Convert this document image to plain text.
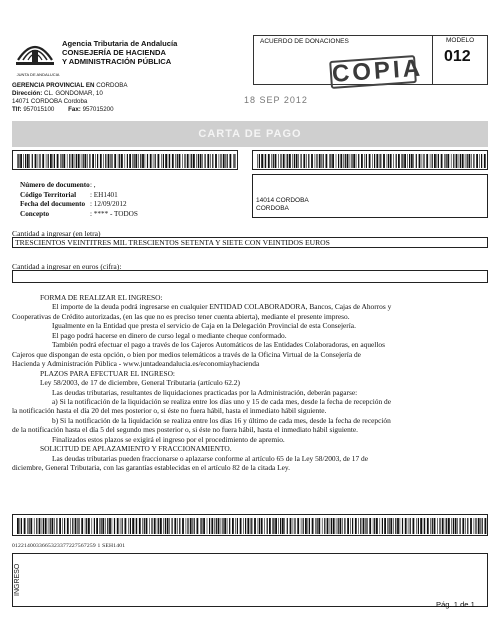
JUNTA DE ANDALUCIA
Agencia Tributaria de Andalucía
CONSEJERÍA DE HACIENDA
Y ADMINISTRACIÓN PÚBLICA
GERENCIA PROVINCIAL EN CORDOBA
Dirección: CL. GONDOMAR, 10
14071 CORDOBA Cordoba
Tlf: 957015100 Fax: 957015200
ACUERDO DE DONACIONES	MODELO
012
COPIA
18 SEP 2012
CARTA DE PAGO
Número de documento: ,
Código Territorial : EH1401
Fecha del documento : 12/09/2012
Concepto	: **** - TODOS
14014 CORDOBA
CORDOBA
Cantidad a ingresar (en letra)
TRESCIENTOS VEINTITRES MIL TRESCIENTOS SETENTA Y SIETE CON VEINTIDOS EUROS
Cantidad a ingresar en euros (cifra):

FORMA DE REALIZAR EL INGRESO:

El importe de la deuda podrá ingresarse en cualquier ENTIDAD COLABORADORA, Bancos, Cajas de Ahorros y

Cooperativas de Crédito autorizadas, (en las que no es preciso tener cuenta abierta), mediante el presente impreso.

Igualmente en la Entidad que presta el servicio de Caja en la Delegación Provincial de esta Consejería.

El pago podrá hacerse en dinero de curso legal o mediante cheque conformado.

También podrá efectuar el pago a través de los Cajeros Automáticos de las Entidades Colaboradoras, en aquellos

Cajeros que dispongan de esta opción, o bien por medios telemáticos a través de la Oficina Virtual de la Consejería de

Hacienda y Administración Pública - www.juntadeandalucia.es/economiayhacienda

PLAZOS PARA EFECTUAR EL INGRESO:

Ley 58/2003, de 17 de diciembre, General Tributaria (artículo 62.2)

Las deudas tributarias, resultantes de liquidaciones practicadas por la Administración, deberán pagarse:

a) Si la notificación de la liquidación se realiza entre los días uno y 15 de cada mes, desde la fecha de recepción de

la notificación hasta el día 20 del mes posterior o, si éste no fuera hábil, hasta el inmediato hábil siguiente.

b) Si la notificación de la liquidación se realiza entre los días 16 y último de cada mes, desde la fecha de recepción

de la notificación hasta el día 5 del segundo mes posterior o, si éste no fuera hábil, hasta el inmediato hábil siguiente.

Finalizados estos plazos se exigirá el ingreso por el procedimiento de apremio.

SOLICITUD DE APLAZAMIENTO Y FRACCIONAMIENTO.

Las deudas tributarias pueden fraccionarse o aplazarse conforme al artículo 65 de la Ley 58/2003, de 17 de

diciembre, General Tributaria, con las garantías establecidas en el artículo 82 de la citada Ley.

0122140033665323377227567259 1 SEH1401
INGRESO
Pág. 1 de 1
